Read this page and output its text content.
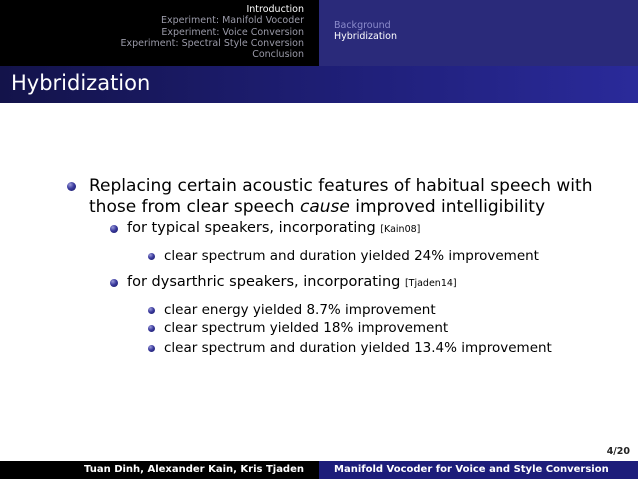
Introduction
Experiment: Manifold Vocoder
Experiment: Voice Conversion
Experiment: Spectral Style Conversion
Conclusion
Background
Hybridization
Hybridization
Replacing certain acoustic features of habitual speech with
those from clear speech cause improved intelligibility
for typical speakers, incorporating [Kain08]
clear spectrum and duration yielded 24% improvement
for dysarthric speakers, incorporating [Tjaden14]
clear energy yielded 8.7% improvement
clear spectrum yielded 18% improvement
clear spectrum and duration yielded 13.4% improvement
4/20
Tuan Dinh, Alexander Kain, Kris Tjaden	Manifold Vocoder for Voice and Style Conversion
